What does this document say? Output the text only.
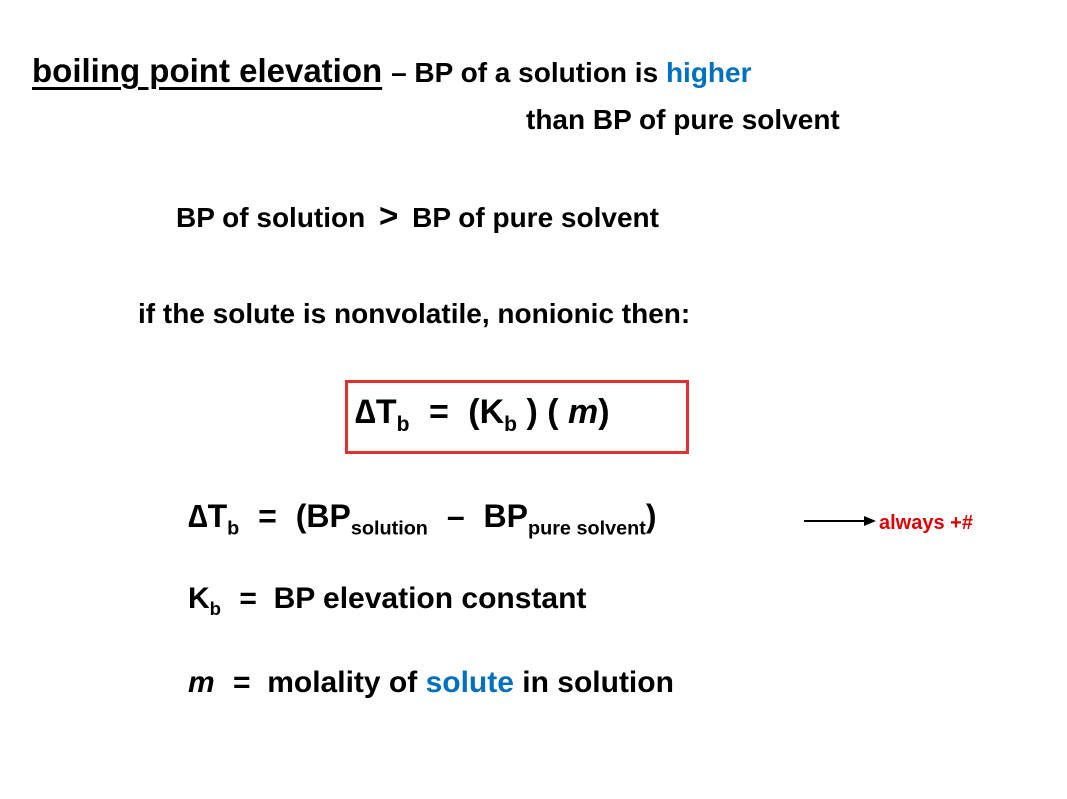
boiling point elevation – BP of a solution is higher
than BP of pure solvent
BP of solution > BP of pure solvent
if the solute is nonvolatile, nonionic then:
$\Delta T_b = (K_b$ ) ( m)
$\Delta T_b = (BP_{solution} - BP_{pure solvent})$	always +#
$K_b$ =  BP elevation constant
m =  molality of solute in solution
